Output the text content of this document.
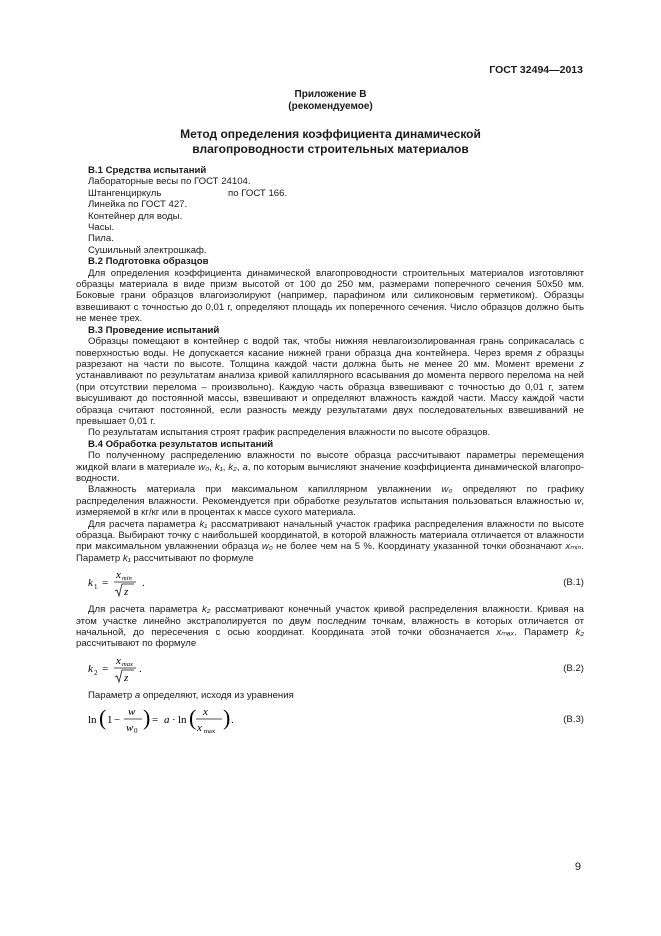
ГОСТ 32494—2013
Приложение В
(рекомендуемое)
Метод определения коэффициента динамической
влагопроводности строительных материалов
В.1 Средства испытаний
Лабораторные весы по ГОСТ 24104.
Штангенциркуль	по ГОСТ 166.
Линейка по ГОСТ 427.
Контейнер для воды.
Часы.
Пила.
Сушильный электрошкаф.
В.2 Подготовка образцов

Для определения коэффициента динамической влагопроводности строительных материалов изготовляют образцы материала в виде призм высотой от 100 до 250 мм, размерами поперечного сечения 50х50 мм. Боковые грани образцов влагоизолируют (например, парафином или силиконовым герметиком). Образцы взвешивают с точностью до 0,01 г, определяют площадь их поперечного сечения. Число образцов должно быть не менее трех.

В.3 Проведение испытаний

Образцы помещают в контейнер с водой так, чтобы нижняя невлагоизолированная грань соприкасалась с поверхностью воды. Не допускается касание нижней грани образца дна контейнера. Через время z образцы разрезают на части по высоте. Толщина каждой части должна быть не менее 20 мм. Момент времени z устанавливают по результатам анализа кривой капиллярного всасывания до момента первого перелома на ней (при отсутствии перелома – произвольно). Каждую часть образца взвешивают с точностью до 0,01 г, затем высушивают до постоянной массы, взвешивают и определяют влажность каждой части. Массу каждой части образца считают постоянной, если разность между результатами двух последовательных взвешиваний не превышает 0,01 г.

По результатам испытания строят график распределения влажности по высоте образцов.

В.4 Обработка результатов испытаний

По полученному распределению влажности по высоте образца рассчитывают параметры перемещения жидкой влаги в материале w₀, k₁, k₂, a, по которым вычисляют значение коэффициента динамической влагопро-водности.

Влажность материала при максимальном капиллярном увлажнении w₀ определяют по графику распределения влажности. Рекомендуется при обработке результатов испытания пользоваться влажностью w, измеряемой в кг/кг или в процентах к массе сухого материала.

Для расчета параметра k₁ рассматривают начальный участок графика распределения влажности по высоте образца. Выбирают точку с наибольшей координатой, в которой влажность материала отличается от влажности при максимальном увлажнении образца w₀ не более чем на 5 %. Координату указанной точки обозначают xₘᵢₙ. Параметр k₁ рассчитывают по формуле

k 1 =
x min
z
.	(В.1)

Для расчета параметра k₂ рассматривают конечный участок кривой распределения влажности. Кривая на этом участке линейно экстраполируется по двум последним точкам, влажность в которых отличается от начальной, до пересечения с осью координат. Координата этой точки обозначается xₘₐₓ. Параметр k₂ рассчитывают по формуле

k 2 =
x max
z
.	(В.2)

Параметр a определяют, исходя из уравнения

ln ( 1 −
w
w 0
) = a · ln ( x
x max
) .	(В.3)
9
